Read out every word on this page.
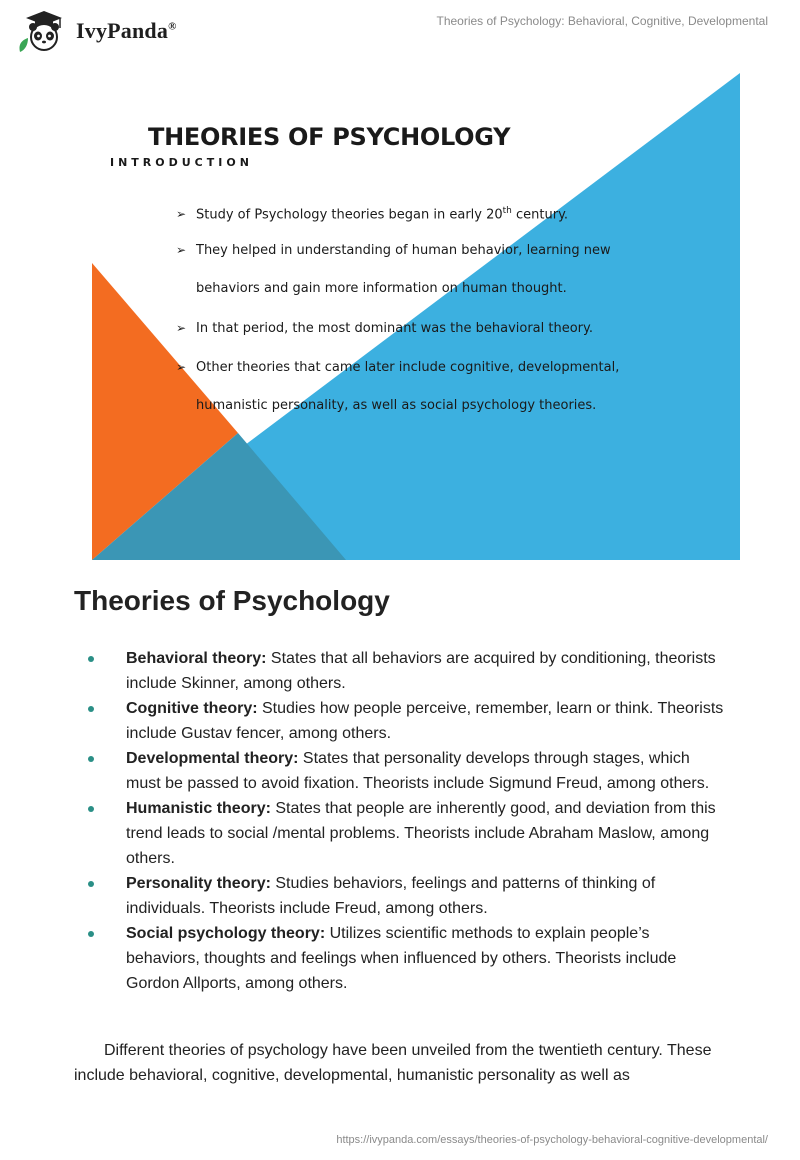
IvyPanda®	Theories of Psychology: Behavioral, Cognitive, Developmental
THEORIES OF PSYCHOLOGY
INTRODUCTION
➢ Study of Psychology theories began in early 20th century.
➢ They helped in understanding of human behavior, learning new
behaviors and gain more information on human thought.
➢ In that period, the most dominant was the behavioral theory.
➢ Other theories that came later include cognitive, developmental,
humanistic personality, as well as social psychology theories.
Theories of Psychology
Behavioral theory: States that all behaviors are acquired by conditioning, theorists include Skinner, among others.
Cognitive theory: Studies how people perceive, remember, learn or think. Theorists include Gustav fencer, among others.
Developmental theory: States that personality develops through stages, which must be passed to avoid fixation. Theorists include Sigmund Freud, among others.
Humanistic theory: States that people are inherently good, and deviation from this trend leads to social /mental problems. Theorists include Abraham Maslow, among others.
Personality theory: Studies behaviors, feelings and patterns of thinking of individuals. Theorists include Freud, among others.
Social psychology theory: Utilizes scientific methods to explain people’s behaviors, thoughts and feelings when influenced by others. Theorists include Gordon Allports, among others.

Different theories of psychology have been unveiled from the twentieth century. These include behavioral, cognitive, developmental, humanistic personality as well as

https://ivypanda.com/essays/theories-of-psychology-behavioral-cognitive-developmental/
